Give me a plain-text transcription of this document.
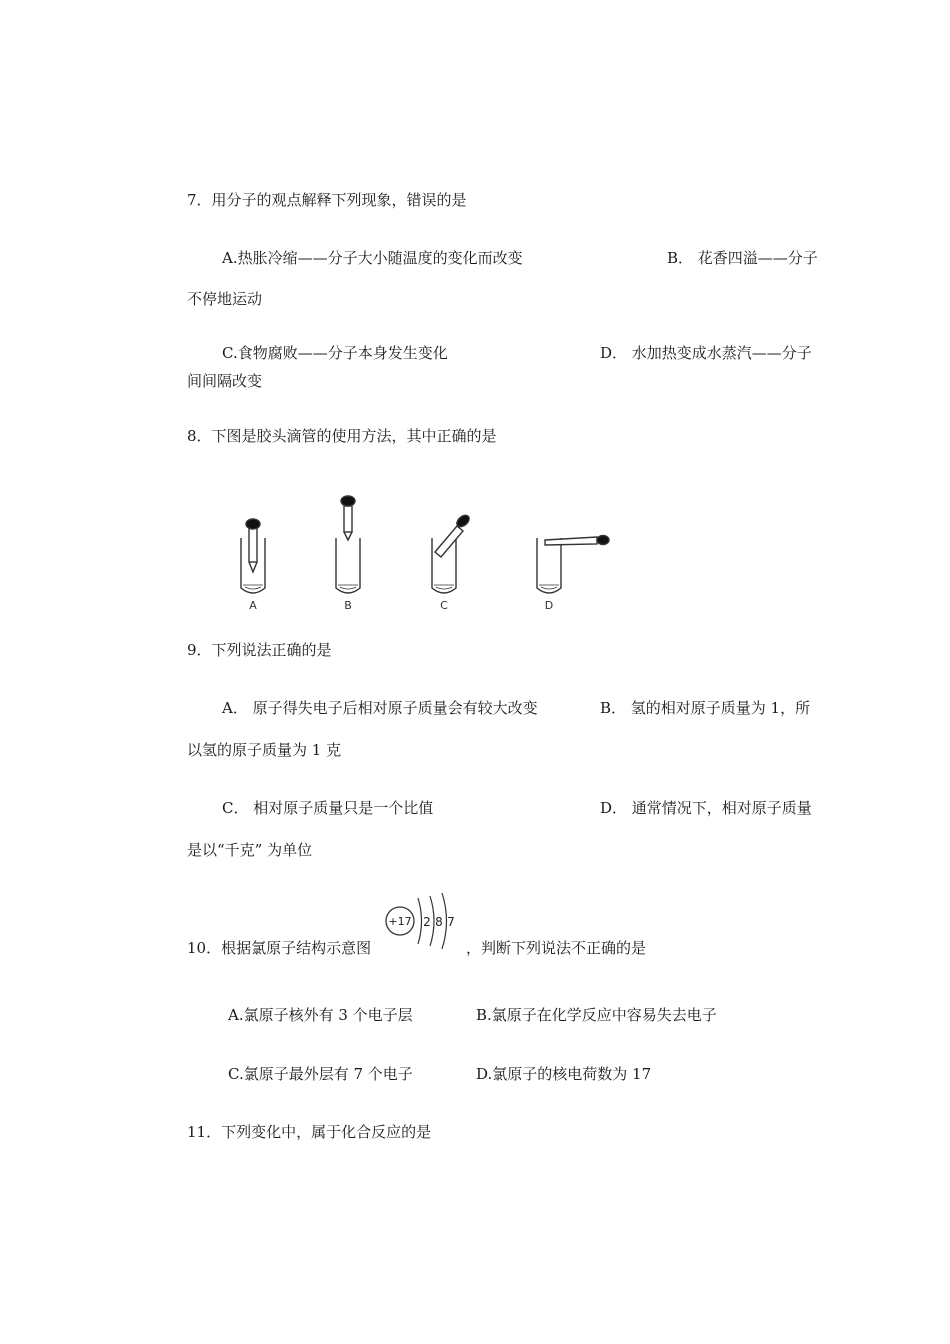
7．用分子的观点解释下列现象，错误的是
A.热胀冷缩——分子大小随温度的变化而改变	B． 花香四溢——分子
不停地运动
C.食物腐败——分子本身发生变化	D． 水加热变成水蒸汽——分子
间间隔改变
8．下图是胶头滴管的使用方法，其中正确的是
A	B	C	D
9．下列说法正确的是
A． 原子得失电子后相对原子质量会有较大改变	B． 氢的相对原子质量为 1，所
以氢的原子质量为 1 克
C． 相对原子质量只是一个比值	D． 通常情况下，相对原子质量
是以“千克” 为单位
10．根据氯原子结构示意图
+17 2 8 7
，判断下列说法不正确的是
A.氯原子核外有 3 个电子层	B.氯原子在化学反应中容易失去电子
C.氯原子最外层有 7 个电子	D.氯原子的核电荷数为 17
11．下列变化中，属于化合反应的是
